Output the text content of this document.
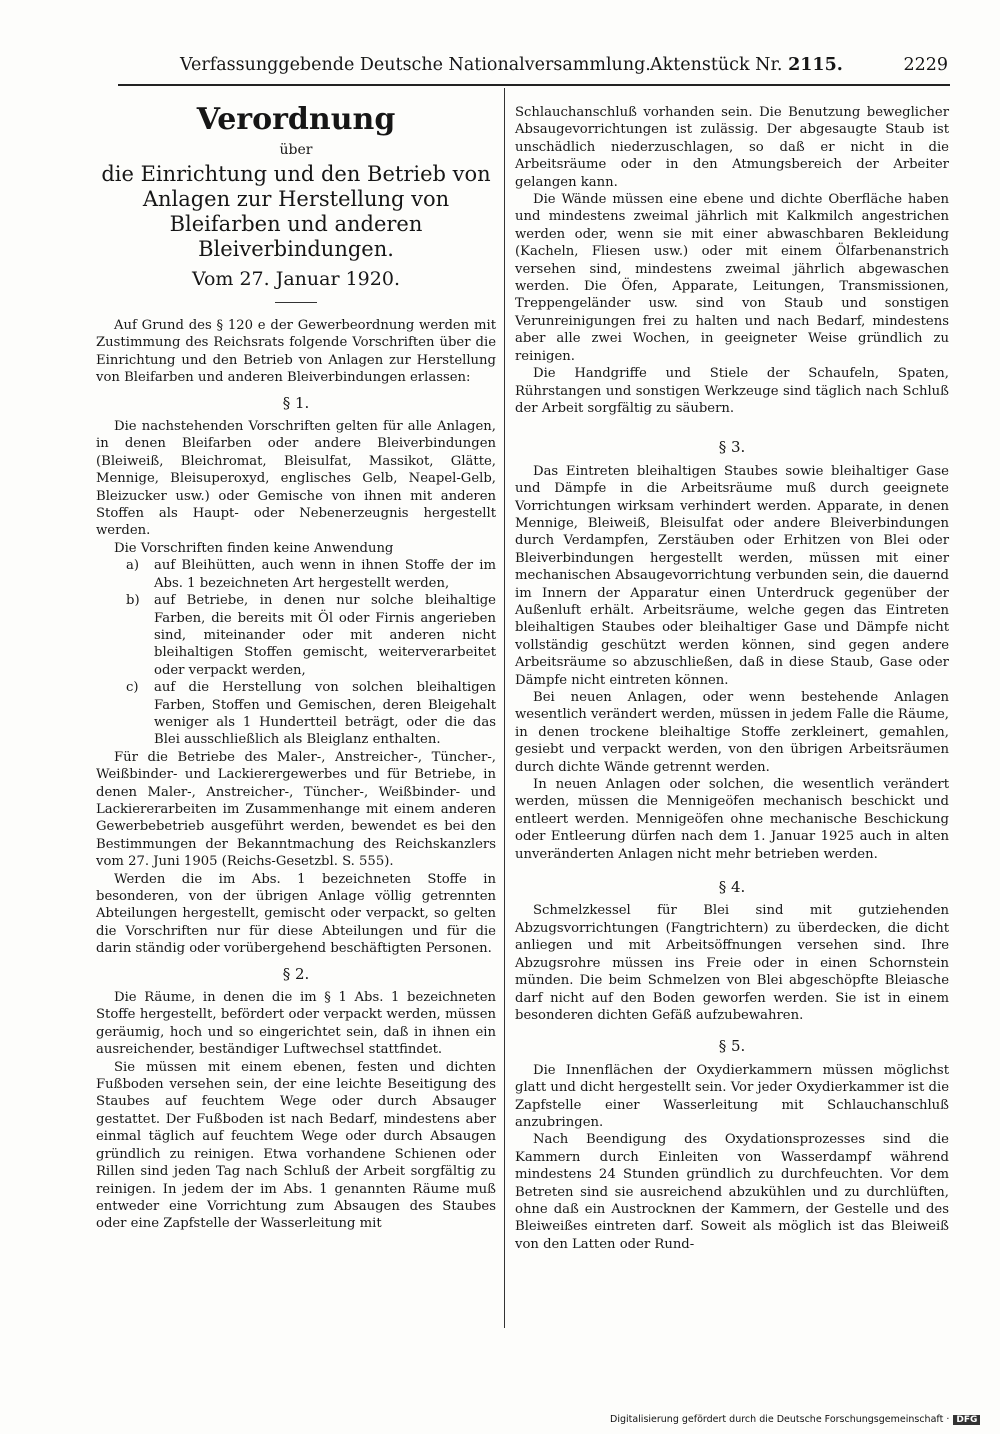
Verfassunggebende Deutsche Nationalversammlung. Aktenstück Nr. 2115.	2229
Verordnung
über
die Einrichtung und den Betrieb von Anlagen zur Herstellung von Bleifarben und anderen Bleiverbindungen.
Vom 27. Januar 1920.

Auf Grund des § 120 e der Gewerbeordnung werden mit Zustimmung des Reichsrats folgende Vorschriften über die Einrichtung und den Betrieb von Anlagen zur Herstellung von Bleifarben und anderen Bleiverbindungen erlassen:

§ 1.

Die nachstehenden Vorschriften gelten für alle Anlagen, in denen Bleifarben oder andere Bleiverbindungen (Bleiweiß, Bleichromat, Bleisulfat, Massikot, Glätte, Mennige, Bleisuperoxyd, englisches Gelb, Neapel-Gelb, Bleizucker usw.) oder Gemische von ihnen mit anderen Stoffen als Haupt- oder Nebenerzeugnis hergestellt werden.

Die Vorschriften finden keine Anwendung

a) auf Bleihütten, auch wenn in ihnen Stoffe der im Abs. 1 bezeichneten Art hergestellt werden,
b) auf Betriebe, in denen nur solche bleihaltige Farben, die bereits mit Öl oder Firnis angerieben sind, miteinander oder mit anderen nicht bleihaltigen Stoffen gemischt, weiterverarbeitet oder verpackt werden,
c) auf die Herstellung von solchen bleihaltigen Farben, Stoffen und Gemischen, deren Bleigehalt weniger als 1 Hundertteil beträgt, oder die das Blei ausschließlich als Bleiglanz enthalten.

Für die Betriebe des Maler-, Anstreicher-, Tüncher-, Weißbinder- und Lackierergewerbes und für Betriebe, in denen Maler-, Anstreicher-, Tüncher-, Weißbinder- und Lackiererarbeiten im Zusammenhange mit einem anderen Gewerbebetrieb ausgeführt werden, bewendet es bei den Bestimmungen der Bekanntmachung des Reichskanzlers vom 27. Juni 1905 (Reichs-Gesetzbl. S. 555).

Werden die im Abs. 1 bezeichneten Stoffe in besonderen, von der übrigen Anlage völlig getrennten Abteilungen hergestellt, gemischt oder verpackt, so gelten die Vorschriften nur für diese Abteilungen und für die darin ständig oder vorübergehend beschäftigten Personen.

§ 2.

Die Räume, in denen die im § 1 Abs. 1 bezeichneten Stoffe hergestellt, befördert oder verpackt werden, müssen geräumig, hoch und so eingerichtet sein, daß in ihnen ein ausreichender, beständiger Luftwechsel stattfindet.

Sie müssen mit einem ebenen, festen und dichten Fußboden versehen sein, der eine leichte Beseitigung des Staubes auf feuchtem Wege oder durch Absauger gestattet. Der Fußboden ist nach Bedarf, mindestens aber einmal täglich auf feuchtem Wege oder durch Absaugen gründlich zu reinigen. Etwa vorhandene Schienen oder Rillen sind jeden Tag nach Schluß der Arbeit sorgfältig zu reinigen. In jedem der im Abs. 1 genannten Räume muß entweder eine Vorrichtung zum Absaugen des Staubes oder eine Zapfstelle der Wasserleitung mit

Schlauchanschluß vorhanden sein. Die Benutzung beweglicher Absaugevorrichtungen ist zulässig. Der abgesaugte Staub ist unschädlich niederzuschlagen, so daß er nicht in die Arbeitsräume oder in den Atmungsbereich der Arbeiter gelangen kann.

Die Wände müssen eine ebene und dichte Oberfläche haben und mindestens zweimal jährlich mit Kalkmilch angestrichen werden oder, wenn sie mit einer abwaschbaren Bekleidung (Kacheln, Fliesen usw.) oder mit einem Ölfarbenanstrich versehen sind, mindestens zweimal jährlich abgewaschen werden. Die Öfen, Apparate, Leitungen, Transmissionen, Treppengeländer usw. sind von Staub und sonstigen Verunreinigungen frei zu halten und nach Bedarf, mindestens aber alle zwei Wochen, in geeigneter Weise gründlich zu reinigen.

Die Handgriffe und Stiele der Schaufeln, Spaten, Rührstangen und sonstigen Werkzeuge sind täglich nach Schluß der Arbeit sorgfältig zu säubern.

§ 3.

Das Eintreten bleihaltigen Staubes sowie bleihaltiger Gase und Dämpfe in die Arbeitsräume muß durch geeignete Vorrichtungen wirksam verhindert werden. Apparate, in denen Mennige, Bleiweiß, Bleisulfat oder andere Bleiverbindungen durch Verdampfen, Zerstäuben oder Erhitzen von Blei oder Bleiverbindungen hergestellt werden, müssen mit einer mechanischen Absaugevorrichtung verbunden sein, die dauernd im Innern der Apparatur einen Unterdruck gegenüber der Außenluft erhält. Arbeitsräume, welche gegen das Eintreten bleihaltigen Staubes oder bleihaltiger Gase und Dämpfe nicht vollständig geschützt werden können, sind gegen andere Arbeitsräume so abzuschließen, daß in diese Staub, Gase oder Dämpfe nicht eintreten können.

Bei neuen Anlagen, oder wenn bestehende Anlagen wesentlich verändert werden, müssen in jedem Falle die Räume, in denen trockene bleihaltige Stoffe zerkleinert, gemahlen, gesiebt und verpackt werden, von den übrigen Arbeitsräumen durch dichte Wände getrennt werden.

In neuen Anlagen oder solchen, die wesentlich verändert werden, müssen die Mennigeöfen mechanisch beschickt und entleert werden. Mennigeöfen ohne mechanische Beschickung oder Entleerung dürfen nach dem 1. Januar 1925 auch in alten unveränderten Anlagen nicht mehr betrieben werden.

§ 4.

Schmelzkessel für Blei sind mit gutziehenden Abzugsvorrichtungen (Fangtrichtern) zu überdecken, die dicht anliegen und mit Arbeitsöffnungen versehen sind. Ihre Abzugsrohre müssen ins Freie oder in einen Schornstein münden. Die beim Schmelzen von Blei abgeschöpfte Bleiasche darf nicht auf den Boden geworfen werden. Sie ist in einem besonderen dichten Gefäß aufzubewahren.

§ 5.

Die Innenflächen der Oxydierkammern müssen möglichst glatt und dicht hergestellt sein. Vor jeder Oxydierkammer ist die Zapfstelle einer Wasserleitung mit Schlauchanschluß anzubringen.

Nach Beendigung des Oxydationsprozesses sind die Kammern durch Einleiten von Wasserdampf während mindestens 24 Stunden gründlich zu durchfeuchten. Vor dem Betreten sind sie ausreichend abzukühlen und zu durchlüften, ohne daß ein Austrocknen der Kammern, der Gestelle und des Bleiweißes eintreten darf. Soweit als möglich ist das Bleiweiß von den Latten oder Rund-

Digitalisierung gefördert durch die Deutsche Forschungsgemeinschaft · DFG
